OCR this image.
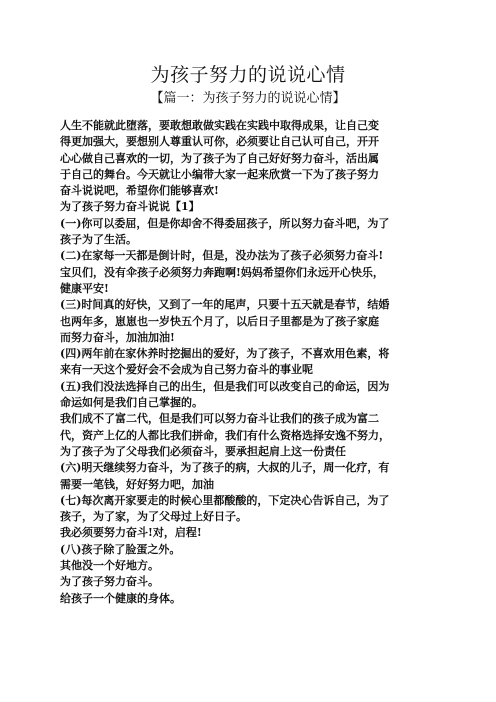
为孩子努力的说说心情
【篇一：为孩子努力的说说心情】
人生不能就此堕落，要敢想敢做实践在实践中取得成果，让自己变
得更加强大，要想别人尊重认可你，必须要让自己认可自己，开开
心心做自己喜欢的一切，为了孩子为了自己好好努力奋斗，活出属
于自己的舞台。今天就让小编带大家一起来欣赏一下为了孩子努力
奋斗说说吧，希望你们能够喜欢!
为了孩子努力奋斗说说【1】
(一)你可以委屈，但是你却舍不得委屈孩子，所以努力奋斗吧，为了
孩子为了生活。
(二)在家每一天都是倒计时，但是，没办法为了孩子必须努力奋斗!
宝贝们，没有伞孩子必须努力奔跑啊!妈妈希望你们永远开心快乐，
健康平安!
(三)时间真的好快，又到了一年的尾声，只要十五天就是春节，结婚
也两年多，崽崽也一岁快五个月了，以后日子里都是为了孩子家庭
而努力奋斗，加油加油!
(四)两年前在家休养时挖掘出的爱好，为了孩子，不喜欢用色素，将
来有一天这个爱好会不会成为自己努力奋斗的事业呢
(五)我们没法选择自己的出生，但是我们可以改变自己的命运，因为
命运如何是我们自己掌握的。
我们成不了富二代，但是我们可以努力奋斗让我们的孩子成为富二
代，资产上亿的人都比我们拼命，我们有什么资格选择安逸不努力，
为了孩子为了父母我们必须奋斗，要承担起肩上这一份责任
(六)明天继续努力奋斗，为了孩子的病，大叔的儿子，周一化疗，有
需要一笔钱，好好努力吧，加油
(七)每次离开家要走的时候心里都酸酸的，下定决心告诉自己，为了
孩子，为了家，为了父母过上好日子。
我必须要努力奋斗!对，启程!
(八)孩子除了脸蛋之外。
其他没一个好地方。
为了孩子努力奋斗。
给孩子一个健康的身体。
